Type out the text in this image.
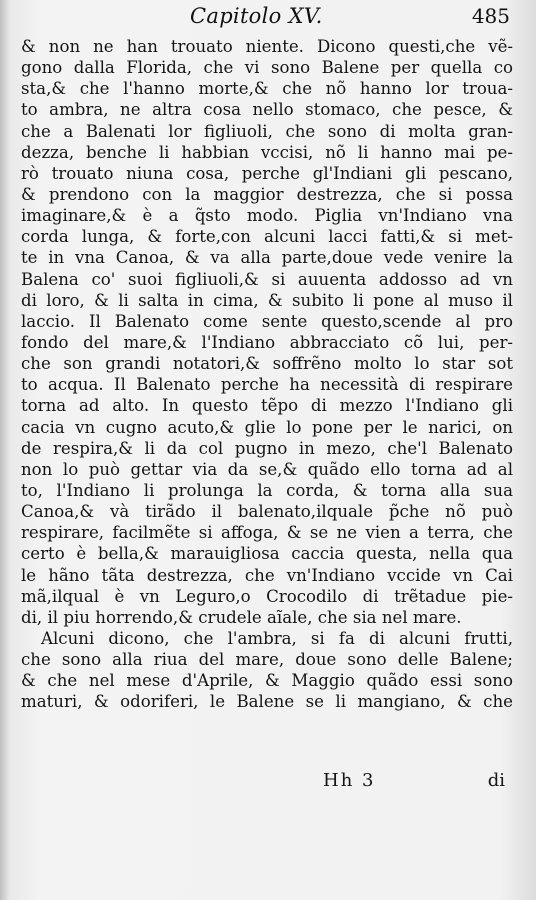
Capitolo XV.	485
& non ne han trouato niente. Dicono questi,che vẽ-
gono dalla Florida, che vi sono Balene per quella co
sta,& che l'hanno morte,& che nõ hanno lor troua-
to ambra, ne altra cosa nello stomaco, che pesce, &
che a Balenati lor figliuoli, che sono di molta gran-
dezza, benche li habbian vccisi, nõ li hanno mai pe-
rò trouato niuna cosa, perche gl'Indiani gli pescano,
& prendono con la maggior destrezza, che si possa
imaginare,& è a q̃sto modo. Piglia vn'Indiano vna
corda lunga, & forte,con alcuni lacci fatti,& si met-
te in vna Canoa, & va alla parte,doue vede venire la
Balena co' suoi figliuoli,& si auuenta addosso ad vn
di loro, & li salta in cima, & subito li pone al muso il
laccio. Il Balenato come sente questo,scende al pro
fondo del mare,& l'Indiano abbracciato cõ lui, per-
che son grandi notatori,& soffrẽno molto lo star sot
to acqua. Il Balenato perche ha necessità di respirare
torna ad alto. In questo tẽpo di mezzo l'Indiano gli
cacia vn cugno acuto,& glie lo pone per le narici, on
de respira,& li da col pugno in mezo, che'l Balenato
non lo può gettar via da se,& quãdo ello torna ad al
to, l'Indiano li prolunga la corda, & torna alla sua
Canoa,& và tirãdo il balenato,ilquale p̃che nõ può
respirare, facilmẽte si affoga, & se ne vien a terra, che
certo è bella,& marauigliosa caccia questa, nella qua
le hãno tãta destrezza, che vn'Indiano vccide vn Cai
mã,ilqual è vn Leguro,o Crocodilo di trẽtadue pie-
di, il piu horrendo,& crudele aĩale, che sia nel mare.
Alcuni dicono, che l'ambra, si fa di alcuni frutti,
che sono alla riua del mare, doue sono delle Balene;
& che nel mese d'Aprile, & Maggio quãdo essi sono
maturi, & odoriferi, le Balene se li mangiano, & che
Hh 3	di
